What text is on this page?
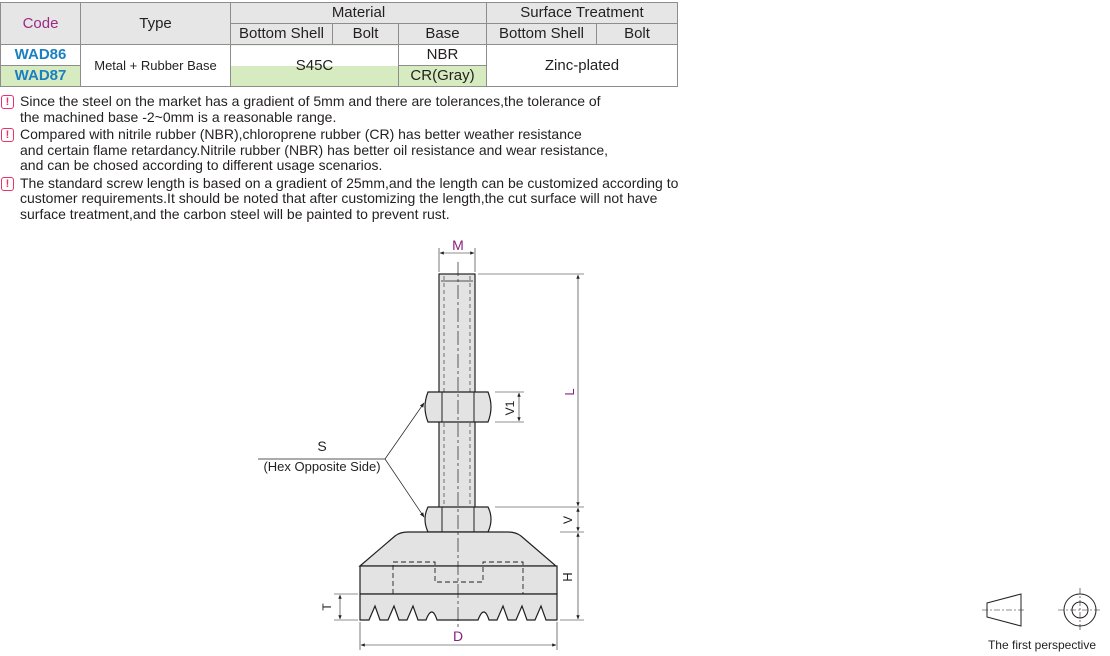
Code	Type	Material			Surface Treatment	
		Bottom Shell	Bolt	Base	Bottom Shell	Bolt
WAD86	Metal + Rubber Base	S45C		NBR	Zinc-plated	
WAD87				CR(Gray)		
! Since the steel on the market has a gradient of 5mm and there are tolerances,the tolerance of
the machined base -2~0mm is a reasonable range.
! Compared with nitrile rubber (NBR),chloroprene rubber (CR) has better weather resistance
and certain flame retardancy.Nitrile rubber (NBR) has better oil resistance and wear resistance,
and can be chosed according to different usage scenarios.
! The standard screw length is based on a gradient of 25mm,and the length can be customized according to
customer requirements.It should be noted that after customizing the length,the cut surface will not have
surface treatment,and the carbon steel will be painted to prevent rust.
M
L
V1
V
H
T
D
S
(Hex Opposite Side)
The first perspective
